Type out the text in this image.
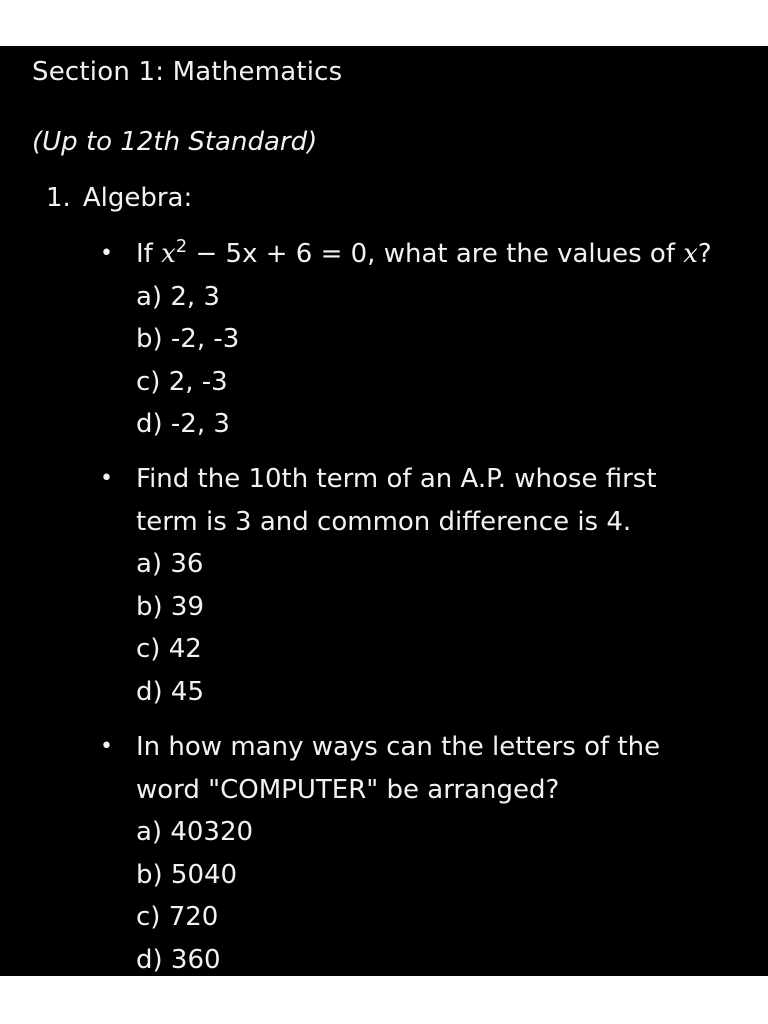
Section 1: Mathematics

(Up to 12th Standard)

1. Algebra:

• If $x^2 - 5x + 6 = 0$, what are the values of x?
a) 2, 3
b) -2, -3
c) 2, -3
d) -2, 3
• Find the 10th term of an A.P. whose first
term is 3 and common difference is 4.
a) 36
b) 39
c) 42
d) 45
• In how many ways can the letters of the
word "COMPUTER" be arranged?
a) 40320
b) 5040
c) 720
d) 360
